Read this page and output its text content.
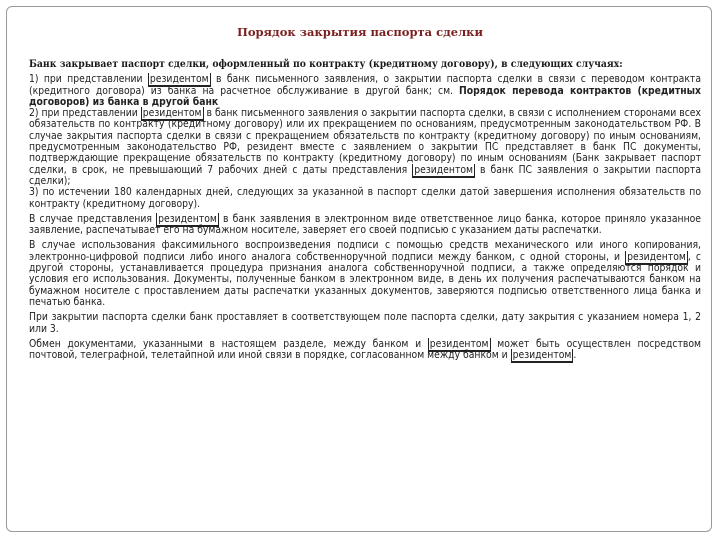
Порядок закрытия паспорта сделки

Банк закрывает паспорт сделки, оформленный по контракту (кредитному договору), в следующих случаях:

1) при представлении резидентом в банк письменного заявления, о закрытии паспорта сделки в связи с переводом контракта (кредитного договора) из банка на расчетное обслуживание в другой банк; см. Порядок перевода контрактов (кредитных договоров) из банка в другой банк
2) при представлении резидентом в банк письменного заявления о закрытии паспорта сделки, в связи с исполнением сторонами всех обязательств по контракту (кредитному договору) или их прекращением по основаниям, предусмотренным законодательством РФ. В случае закрытия паспорта сделки в связи с прекращением обязательств по контракту (кредитному договору) по иным основаниям, предусмотренным законодательство РФ, резидент вместе с заявлением о закрытии ПС представляет в банк ПС документы, подтверждающие прекращение обязательств по контракту (кредитному договору) по иным основаниям (Банк закрывает паспорт сделки, в срок, не превышающий 7 рабочих дней с даты представления резидентом в банк ПС заявления о закрытии паспорта сделки);
3) по истечении 180 календарных дней, следующих за указанной в паспорт сделки датой завершения исполнения обязательств по контракту (кредитному договору).

В случае представления резидентом в банк заявления в электронном виде ответственное лицо банка, которое приняло указанное заявление, распечатывает его на бумажном носителе, заверяет его своей подписью с указанием даты распечатки.

В случае использования факсимильного воспроизведения подписи с помощью средств механического или иного копирования, электронно-цифровой подписи либо иного аналога собственноручной подписи между банком, с одной стороны, и резидентом , с другой стороны, устанавливается процедура признания аналога собственноручной подписи, а также определяются порядок и условия его использования. Документы, полученные банком в электронном виде, в день их получения распечатываются банком на бумажном носителе с проставлением даты распечатки указанных документов, заверяются подписью ответственного лица банка и печатью банка.

При закрытии паспорта сделки банк проставляет в соответствующем поле паспорта сделки, дату закрытия с указанием номера 1, 2 или 3.

Обмен документами, указанными в настоящем разделе, между банком и резидентом может быть осуществлен посредством почтовой, телеграфной, телетайпной или иной связи в порядке, согласованном между банком и резидентом .
